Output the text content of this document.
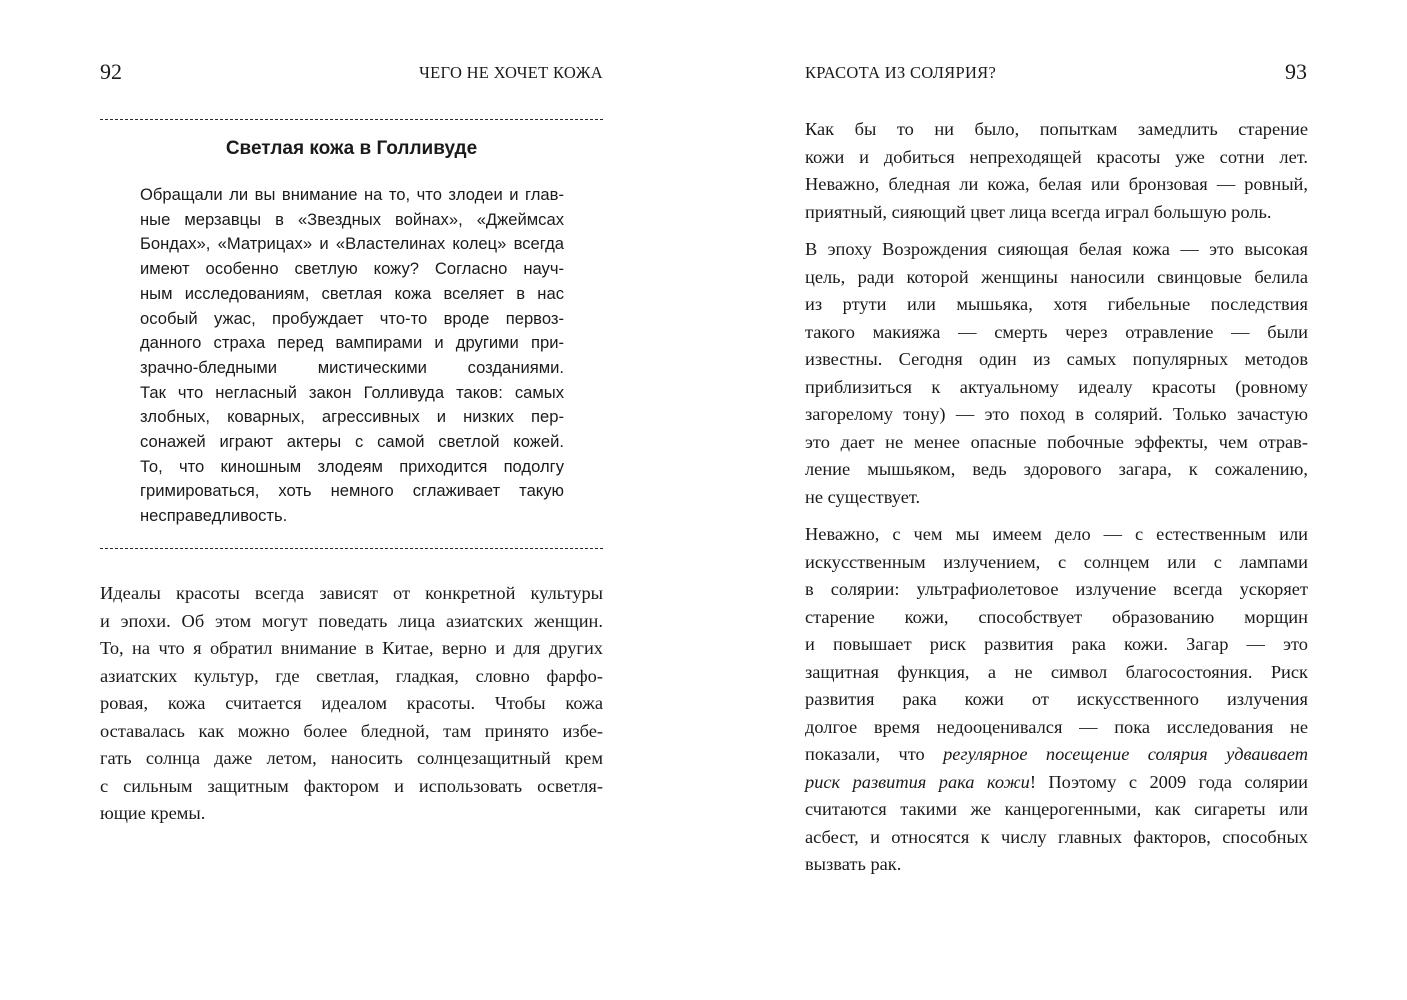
92	ЧЕГО НЕ ХОЧЕТ КОЖА
Светлая кожа в Голливуде

Обращали ли вы внимание на то, что злодеи и глав-
ные мерзавцы в «Звездных войнах», «Джеймсах
Бондах», «Матрицах» и «Властелинах колец» всегда
имеют особенно светлую кожу? Согласно науч-
ным исследованиям, светлая кожа вселяет в нас
особый ужас, пробуждает что-то вроде первоз-
данного страха перед вампирами и другими при-
зрачно-бледными мистическими созданиями.
Так что негласный закон Голливуда таков: самых
злобных, коварных, агрессивных и низких пер-
сонажей играют актеры с самой светлой кожей.
То, что киношным злодеям приходится подолгу
гримироваться, хоть немного сглаживает такую
несправедливость.

Идеалы красоты всегда зависят от конкретной культуры
и эпохи. Об этом могут поведать лица азиатских женщин.
То, на что я обратил внимание в Китае, верно и для других
азиатских культур, где светлая, гладкая, словно фарфо-
ровая, кожа считается идеалом красоты. Чтобы кожа
оставалась как можно более бледной, там принято избе-
гать солнца даже летом, наносить солнцезащитный крем
с сильным защитным фактором и использовать осветля-
ющие кремы.

КРАСОТА ИЗ СОЛЯРИЯ?	93

Как бы то ни было, попыткам замедлить старение
кожи и добиться непреходящей красоты уже сотни лет.
Неважно, бледная ли кожа, белая или бронзовая — ровный,
приятный, сияющий цвет лица всегда играл большую роль.

В эпоху Возрождения сияющая белая кожа — это высокая
цель, ради которой женщины наносили свинцовые белила
из ртути или мышьяка, хотя гибельные последствия
такого макияжа — смерть через отравление — были
известны. Сегодня один из самых популярных методов
приблизиться к актуальному идеалу красоты (ровному
загорелому тону) — это поход в солярий. Только зачастую
это дает не менее опасные побочные эффекты, чем отрав-
ление мышьяком, ведь здорового загара, к сожалению,
не существует.

Неважно, с чем мы имеем дело — с естественным или
искусственным излучением, с солнцем или с лампами
в солярии: ультрафиолетовое излучение всегда ускоряет
старение кожи, способствует образованию морщин
и повышает риск развития рака кожи. Загар — это
защитная функция, а не символ благосостояния. Риск
развития рака кожи от искусственного излучения
долгое время недооценивался — пока исследования не
показали, что регулярное посещение солярия удваивает
риск развития рака кожи! Поэтому с 2009 года солярии
считаются такими же канцерогенными, как сигареты или
асбест, и относятся к числу главных факторов, способных
вызвать рак.
